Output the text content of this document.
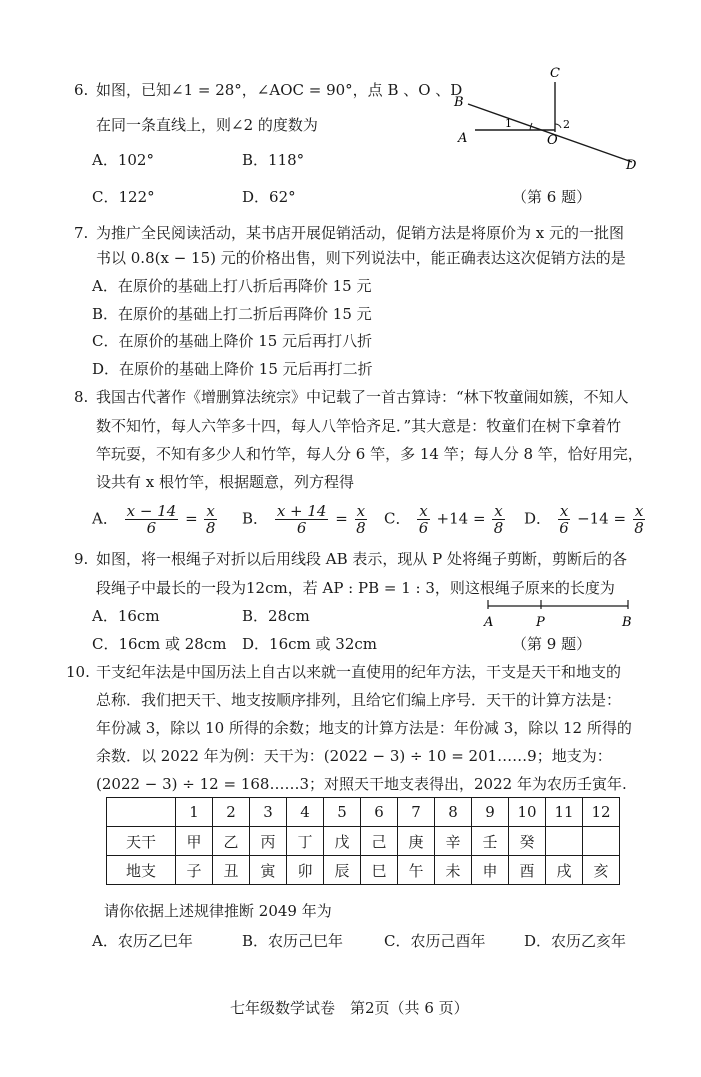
6. 如图，已知∠1 = 28°，∠AOC = 90°，点 B 、O 、D
在同一条直线上，则∠2 的度数为
A．102°	B．118°
C．122°	D．62°
C
B
A	O
D
1	2
（第 6 题）
7. 为推广全民阅读活动，某书店开展促销活动，促销方法是将原价为 x 元的一批图
书以 0.8(x − 15) 元的价格出售，则下列说法中，能正确表达这次促销方法的是
A．在原价的基础上打八折后再降价 15 元
B．在原价的基础上打二折后再降价 15 元
C．在原价的基础上降价 15 元后再打八折
D．在原价的基础上降价 15 元后再打二折
8. 我国古代著作《增删算法统宗》中记载了一首古算诗：“林下牧童闹如簇，不知人
数不知竹，每人六竿多十四，每人八竿恰齐足．”其大意是：牧童们在树下拿着竹
竿玩耍，不知有多少人和竹竿，每人分 6 竿，多 14 竿；每人分 8 竿，恰好用完，
设共有 x 根竹竿，根据题意，列方程得
A． $\frac{x - 14}{6} = \frac{x}{8}$ B． $\frac{x + 14}{6} = \frac{x}{8}$ C． $\frac{x}{6} +14 = \frac{x}{8}$ D． $\frac{x}{6} -14 = \frac{x}{8}$
9. 如图，将一根绳子对折以后用线段 AB 表示，现从 P 处将绳子剪断，剪断后的各
段绳子中最长的一段为12cm，若 AP : PB = 1 : 3，则这根绳子原来的长度为
A．16cm	B．28cm
C．16cm 或 28cm D．16cm 或 32cm
A	P	B
（第 9 题）
10. 干支纪年法是中国历法上自古以来就一直使用的纪年方法，干支是天干和地支的
总称．我们把天干、地支按顺序排列，且给它们编上序号．天干的计算方法是：
年份减 3，除以 10 所得的余数；地支的计算方法是：年份减 3，除以 12 所得的
余数．以 2022 年为例：天干为：(2022 − 3) ÷ 10 = 201……9；地支为：
(2022 − 3) ÷ 12 = 168……3；对照天干地支表得出，2022 年为农历壬寅年.
	1	2	3	4	5	6	7	8	9	10	11	12
天干	甲	乙	丙	丁	戊	己	庚	辛	壬	癸		
地支	子	丑	寅	卯	辰	巳	午	未	申	酉	戌	亥
请你依据上述规律推断 2049 年为
A．农历乙巳年	B．农历己巳年	C．农历己酉年	D．农历乙亥年
七年级数学试卷　第2页（共 6 页）
